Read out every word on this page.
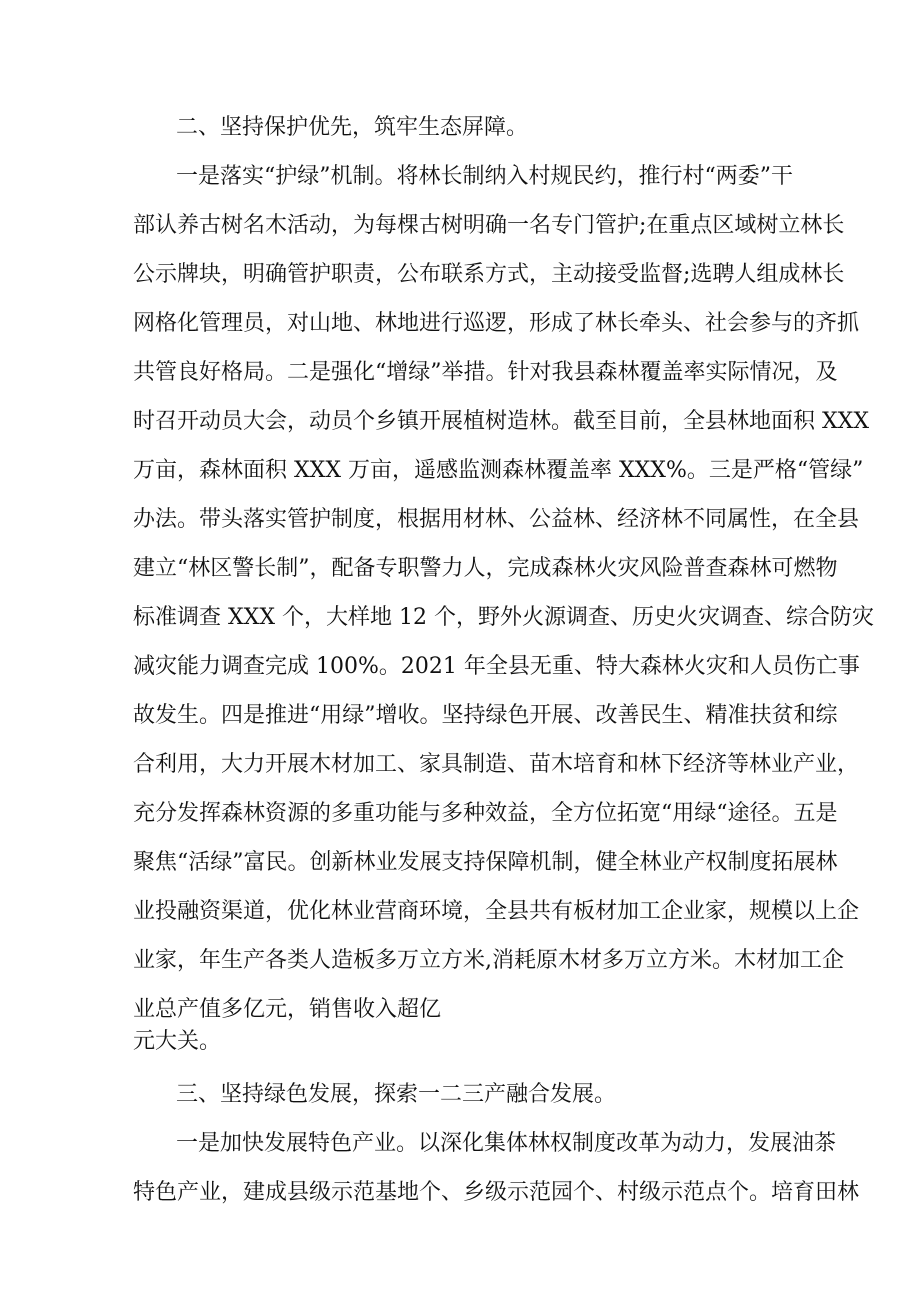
二、坚持保护优先，筑牢生态屏障。
一是落实“护绿”机制。将林长制纳入村规民约，推行村“两委”干
部认养古树名木活动，为每棵古树明确一名专门管护;在重点区域树立林长
公示牌块，明确管护职责，公布联系方式，主动接受监督;选聘人组成林长
网格化管理员，对山地、林地进行巡逻，形成了林长牵头、社会参与的齐抓
共管良好格局。二是强化“增绿”举措。针对我县森林覆盖率实际情况，及
时召开动员大会，动员个乡镇开展植树造林。截至目前，全县林地面积 XXX
万亩，森林面积 XXX 万亩，遥感监测森林覆盖率 XXX%。三是严格“管绿”
办法。带头落实管护制度，根据用材林、公益林、经济林不同属性，在全县
建立“林区警长制”，配备专职警力人，完成森林火灾风险普查森林可燃物
标准调查 XXX 个，大样地 12 个，野外火源调查、历史火灾调查、综合防灾
减灾能力调查完成 100%。2021 年全县无重、特大森林火灾和人员伤亡事
故发生。四是推进“用绿”增收。坚持绿色开展、改善民生、精准扶贫和综
合利用，大力开展木材加工、家具制造、苗木培育和林下经济等林业产业，
充分发挥森林资源的多重功能与多种效益，全方位拓宽“用绿“途径。五是
聚焦“活绿”富民。创新林业发展支持保障机制，健全林业产权制度拓展林
业投融资渠道，优化林业营商环境，全县共有板材加工企业家，规模以上企
业家，年生产各类人造板多万立方米,消耗原木材多万立方米。木材加工企
业总产值多亿元，销售收入超亿
元大关。
三、坚持绿色发展，探索一二三产融合发展。
一是加快发展特色产业。以深化集体林权制度改革为动力，发展油茶
特色产业，建成县级示范基地个、乡级示范园个、村级示范点个。培育田林
